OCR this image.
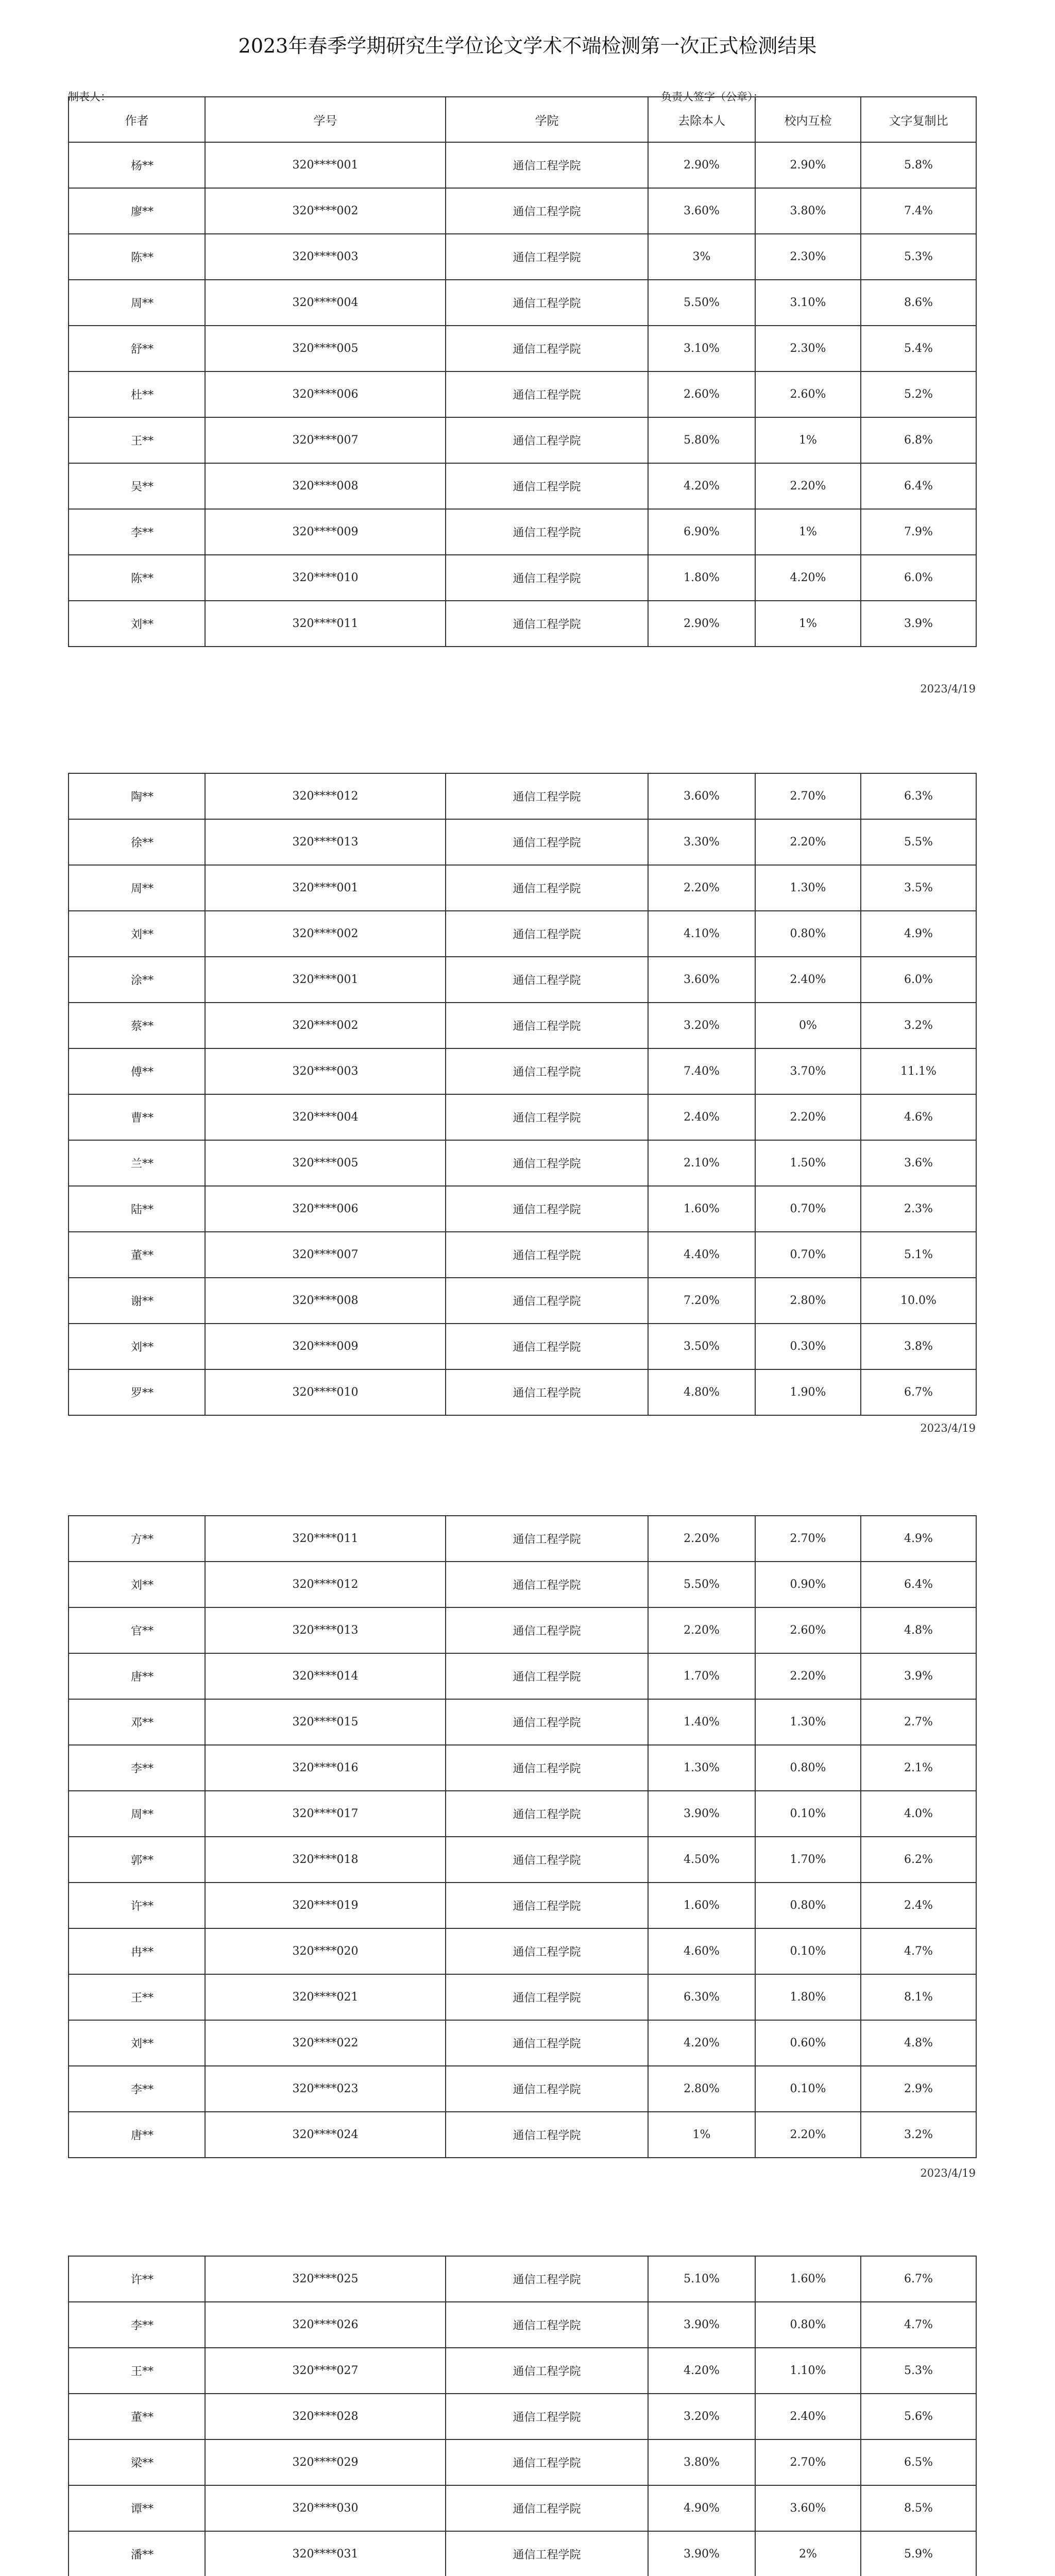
2023年春季学期研究生学位论文学术不端检测第一次正式检测结果
制表人：	负责人签字（公章）：
作者	学号	学院	去除本人	校内互检	文字复制比
杨**	320****001	通信工程学院	2.90%	2.90%	5.8%
廖**	320****002	通信工程学院	3.60%	3.80%	7.4%
陈**	320****003	通信工程学院	3%	2.30%	5.3%
周**	320****004	通信工程学院	5.50%	3.10%	8.6%
舒**	320****005	通信工程学院	3.10%	2.30%	5.4%
杜**	320****006	通信工程学院	2.60%	2.60%	5.2%
王**	320****007	通信工程学院	5.80%	1%	6.8%
吴**	320****008	通信工程学院	4.20%	2.20%	6.4%
李**	320****009	通信工程学院	6.90%	1%	7.9%
陈**	320****010	通信工程学院	1.80%	4.20%	6.0%
刘**	320****011	通信工程学院	2.90%	1%	3.9%
2023/4/19
陶**	320****012	通信工程学院	3.60%	2.70%	6.3%
徐**	320****013	通信工程学院	3.30%	2.20%	5.5%
周**	320****001	通信工程学院	2.20%	1.30%	3.5%
刘**	320****002	通信工程学院	4.10%	0.80%	4.9%
涂**	320****001	通信工程学院	3.60%	2.40%	6.0%
蔡**	320****002	通信工程学院	3.20%	0%	3.2%
傅**	320****003	通信工程学院	7.40%	3.70%	11.1%
曹**	320****004	通信工程学院	2.40%	2.20%	4.6%
兰**	320****005	通信工程学院	2.10%	1.50%	3.6%
陆**	320****006	通信工程学院	1.60%	0.70%	2.3%
董**	320****007	通信工程学院	4.40%	0.70%	5.1%
谢**	320****008	通信工程学院	7.20%	2.80%	10.0%
刘**	320****009	通信工程学院	3.50%	0.30%	3.8%
罗**	320****010	通信工程学院	4.80%	1.90%	6.7%
2023/4/19
方**	320****011	通信工程学院	2.20%	2.70%	4.9%
刘**	320****012	通信工程学院	5.50%	0.90%	6.4%
官**	320****013	通信工程学院	2.20%	2.60%	4.8%
唐**	320****014	通信工程学院	1.70%	2.20%	3.9%
邓**	320****015	通信工程学院	1.40%	1.30%	2.7%
李**	320****016	通信工程学院	1.30%	0.80%	2.1%
周**	320****017	通信工程学院	3.90%	0.10%	4.0%
郭**	320****018	通信工程学院	4.50%	1.70%	6.2%
许**	320****019	通信工程学院	1.60%	0.80%	2.4%
冉**	320****020	通信工程学院	4.60%	0.10%	4.7%
王**	320****021	通信工程学院	6.30%	1.80%	8.1%
刘**	320****022	通信工程学院	4.20%	0.60%	4.8%
李**	320****023	通信工程学院	2.80%	0.10%	2.9%
唐**	320****024	通信工程学院	1%	2.20%	3.2%
2023/4/19
许**	320****025	通信工程学院	5.10%	1.60%	6.7%
李**	320****026	通信工程学院	3.90%	0.80%	4.7%
王**	320****027	通信工程学院	4.20%	1.10%	5.3%
董**	320****028	通信工程学院	3.20%	2.40%	5.6%
梁**	320****029	通信工程学院	3.80%	2.70%	6.5%
谭**	320****030	通信工程学院	4.90%	3.60%	8.5%
潘**	320****031	通信工程学院	3.90%	2%	5.9%
